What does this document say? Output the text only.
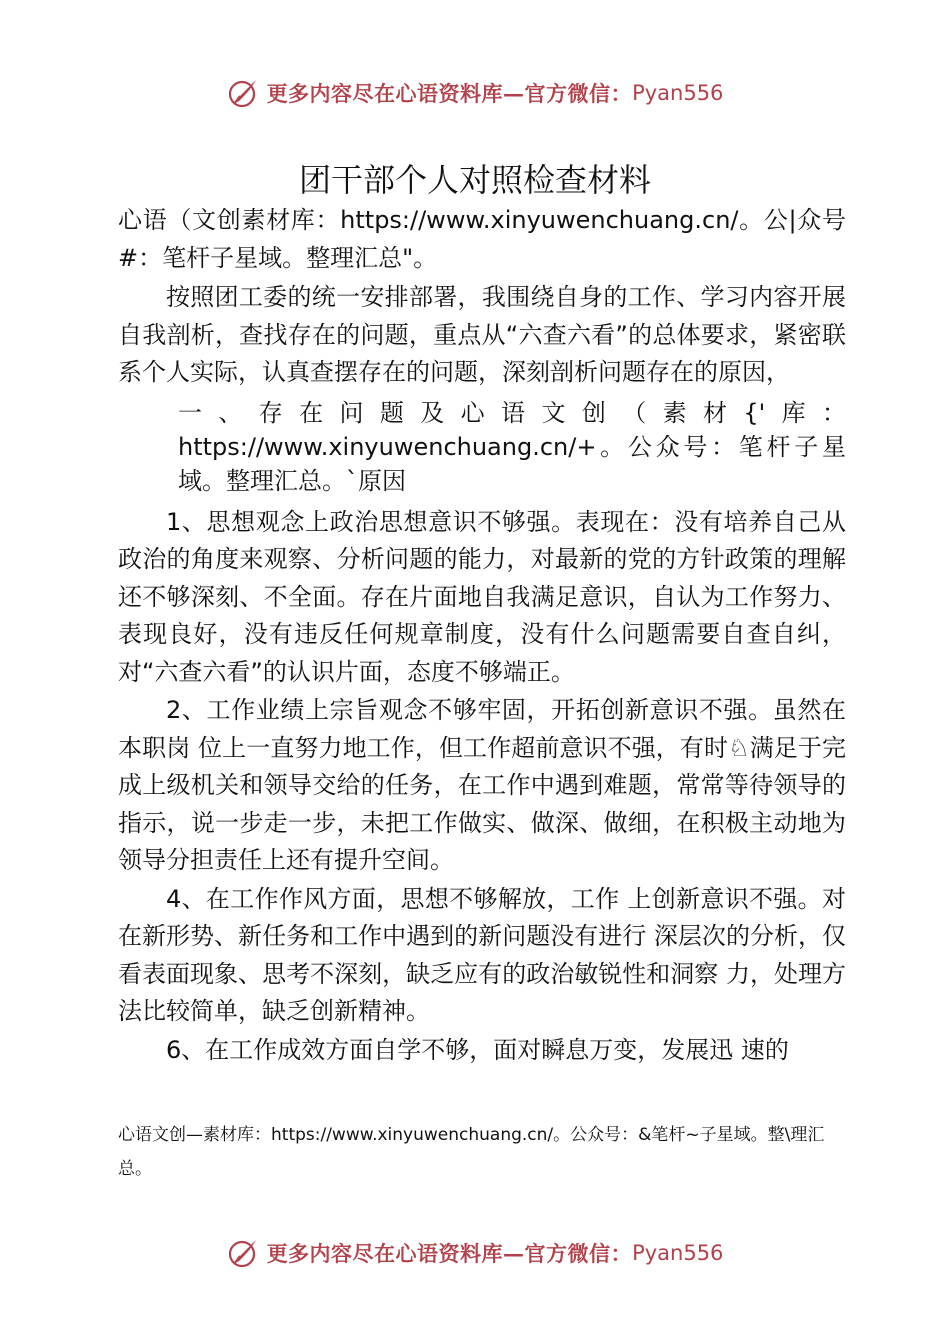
更多内容尽在心语资料库—官方微信： Pyan556
团干部个人对照检查材料

心语（文创素材库：https://www.xinyuwenchuang.cn/。公|众号#：笔杆子星域。整理汇总"。

按照团工委的统一安排部署，我围绕自身的工作、学习内容开展自我剖析，查找存在的问题，重点从“六查六看”的总体要求，紧密联系个人实际，认真查摆存在的问题，深刻剖析问题存在的原因，

一、存在问题及心语文创（素材{'库：https://www.xinyuwenchuang.cn/+。公众号：笔杆子星域。整理汇总。`原因

1、思想观念上政治思想意识不够强。表现在：没有培养自己从政治的角度来观察、分析问题的能力，对最新的党的方针政策的理解还不够深刻、不全面。存在片面地自我满足意识，自认为工作努力、表现良好，没有违反任何规章制度，没有什么问题需要自查自纠，对“六查六看”的认识片面，态度不够端正。

2、工作业绩上宗旨观念不够牢固，开拓创新意识不强。虽然在本职岗 位上一直努力地工作，但工作超前意识不强，有时♘满足于完成上级机关和领导交给的任务，在工作中遇到难题，常常等待领导的指示，说一步走一步，未把工作做实、做深、做细，在积极主动地为领导分担责任上还有提升空间。

4、在工作作风方面，思想不够解放，工作 上创新意识不强。对在新形势、新任务和工作中遇到的新问题没有进行 深层次的分析，仅看表面现象、思考不深刻，缺乏应有的政治敏锐性和洞察 力，处理方法比较简单，缺乏创新精神。

6、在工作成效方面自学不够，面对瞬息万变，发展迅 速的

心语文创—素材库：https://www.xinyuwenchuang.cn/。公众号：&笔杆~子星域。整\理汇总。
更多内容尽在心语资料库—官方微信： Pyan556
